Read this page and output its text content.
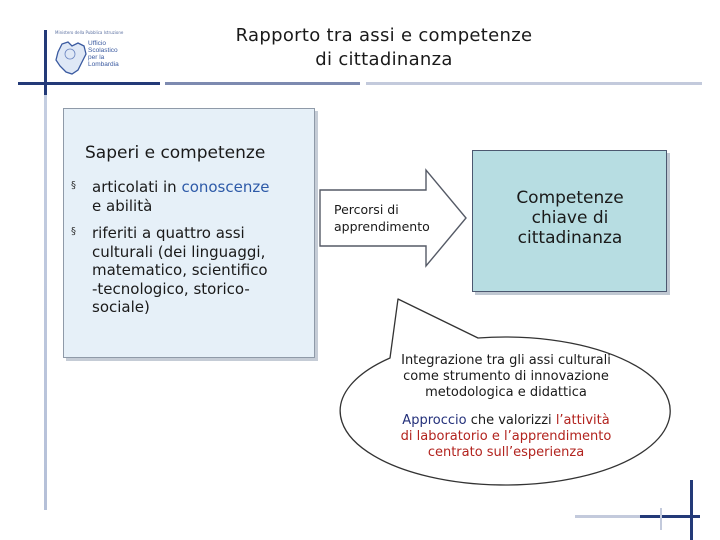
Ministero della Pubblica Istruzione
Ufficio
Scolastico
per la
Lombardia
Rapporto tra assi e competenze
di cittadinanza
Saperi e competenze
§ articolati in conoscenze
e abilità
§ riferiti a quattro assi
culturali (dei linguaggi,
matematico, scientifico
-tecnologico, storico-
sociale)
Percorsi di
apprendimento
Competenze
chiave di
cittadinanza
Integrazione tra gli assi culturali
come strumento di innovazione
metodologica e didattica
Approccio che valorizzi l’attività
di laboratorio e l’apprendimento
centrato sull’esperienza
